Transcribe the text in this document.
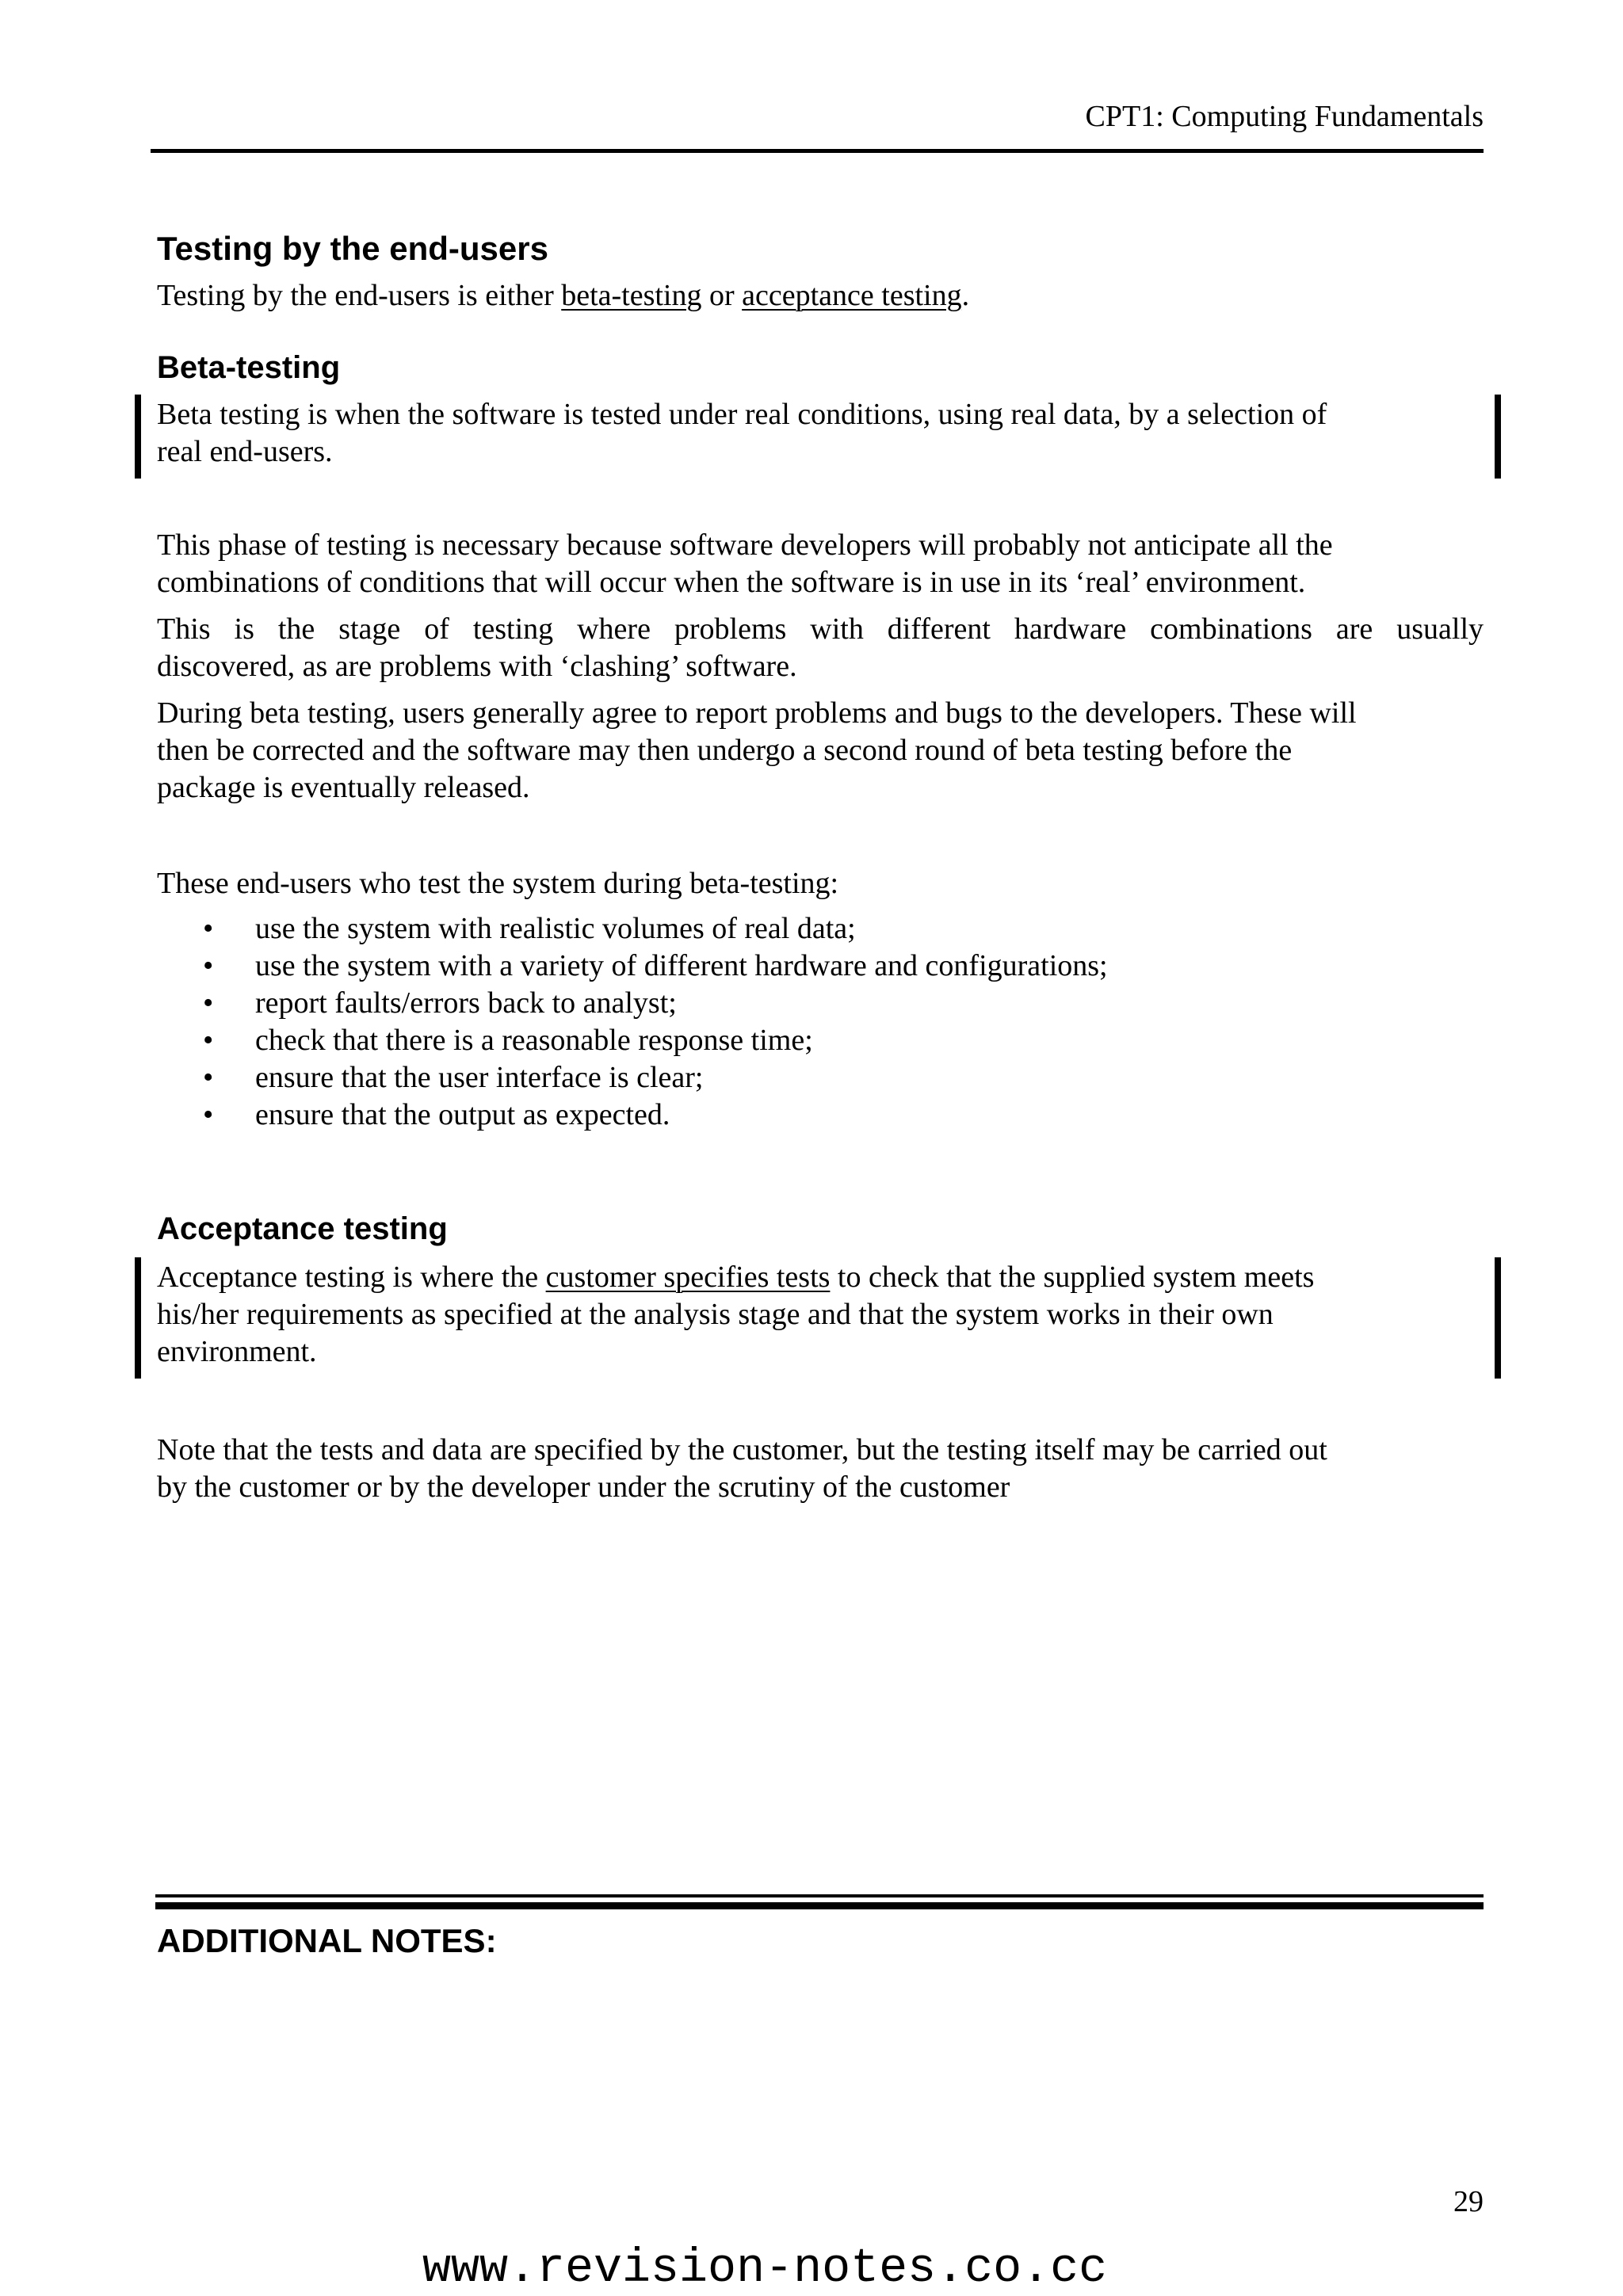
CPT1: Computing Fundamentals
Testing by the end-users
Testing by the end-users is either beta-testing or acceptance testing.
Beta-testing
Beta testing is when the software is tested under real conditions, using real data, by a selection of
real end-users.
This phase of testing is necessary because software developers will probably not anticipate all the
combinations of conditions that will occur when the software is in use in its ‘real’ environment.
This is the stage of testing where problems with different hardware combinations are usually
discovered, as are problems with ‘clashing’ software.
During beta testing, users generally agree to report problems and bugs to the developers. These will
then be corrected and the software may then undergo a second round of beta testing before the
package is eventually released.
These end-users who test the system during beta-testing:
• use the system with realistic volumes of real data;
• use the system with a variety of different hardware and configurations;
• report faults/errors back to analyst;
• check that there is a reasonable response time;
• ensure that the user interface is clear;
• ensure that the output as expected.
Acceptance testing
Acceptance testing is where the customer specifies tests to check that the supplied system meets
his/her requirements as specified at the analysis stage and that the system works in their own
environment.
Note that the tests and data are specified by the customer, but the testing itself may be carried out
by the customer or by the developer under the scrutiny of the customer
ADDITIONAL NOTES:
29
www.revision-notes.co.cc
